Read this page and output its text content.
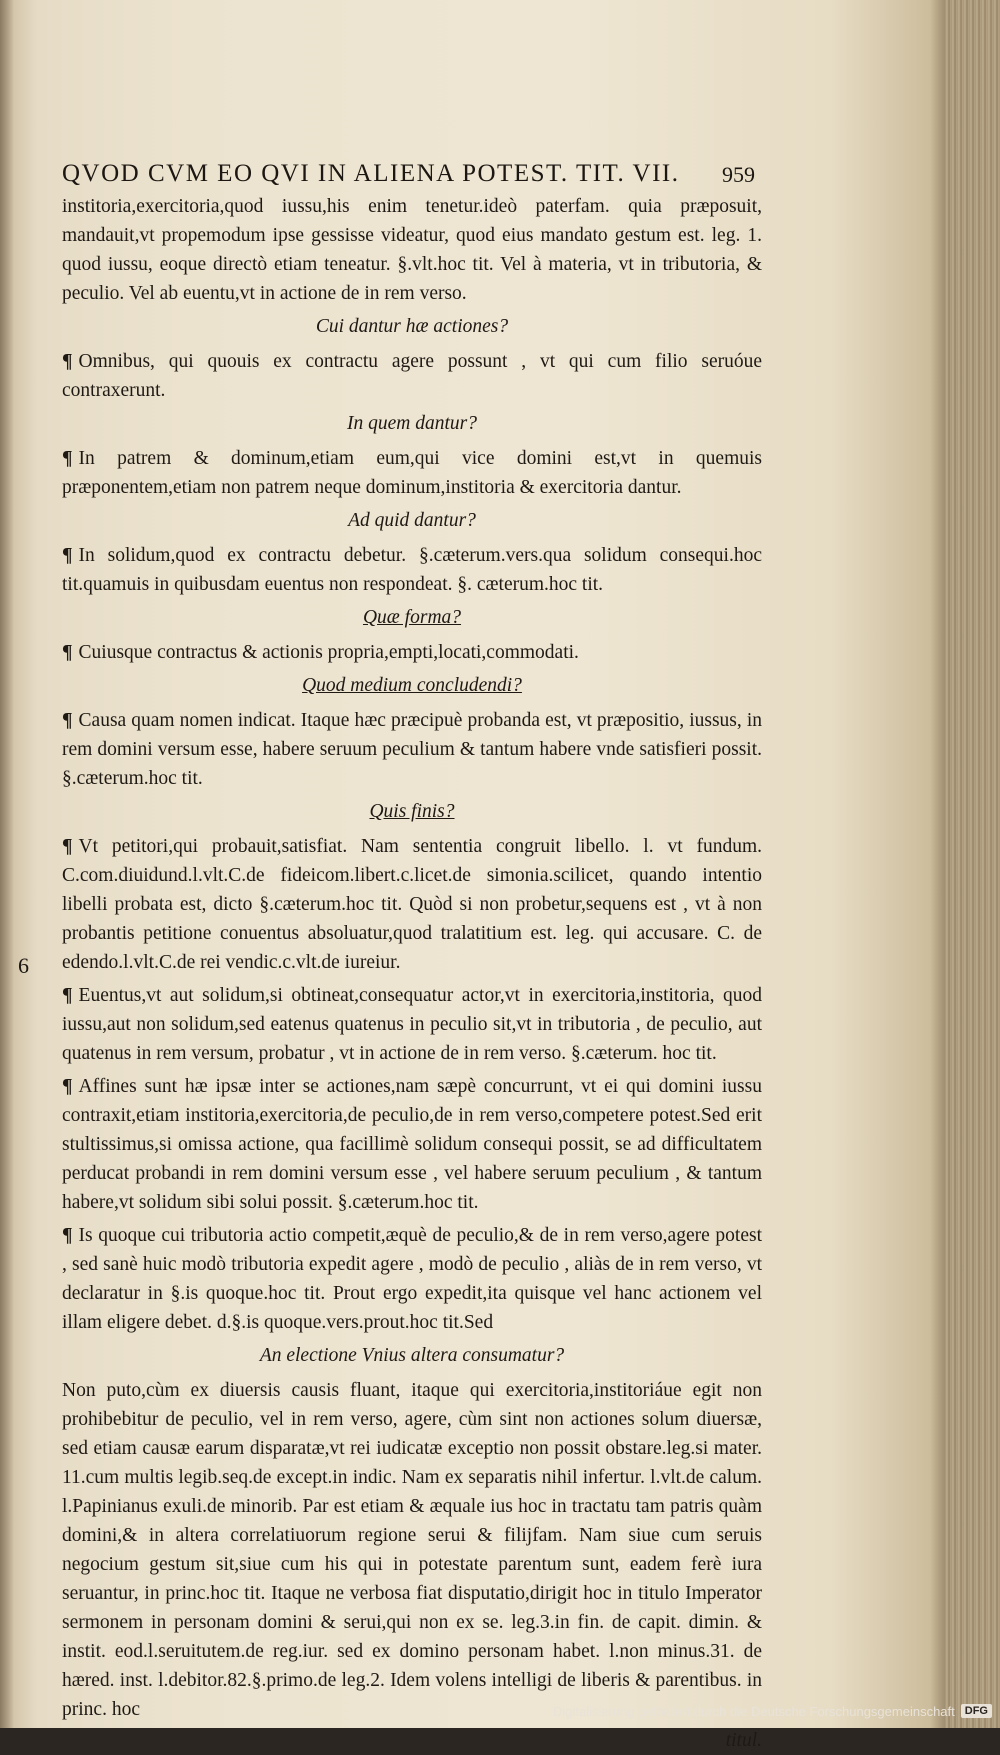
QVOD CVM EO QVI IN ALIENA POTEST. TIT. VII.	959
6

institoria,exercitoria,quod iussu,his enim tenetur.ideò paterfam. quia præposuit, mandauit,vt propemodum ipse gessisse videatur, quod eius mandato gestum est. leg. 1. quod iussu, eoque directò etiam teneatur. §.vlt.hoc tit. Vel à materia, vt in tributoria, & peculio. Vel ab euentu,vt in actione de in rem verso.

Cui dantur hæ actiones?

¶ Omnibus, qui quouis ex contractu agere possunt , vt qui cum filio seruóue contraxerunt.

In quem dantur?

¶ In patrem & dominum,etiam eum,qui vice domini est,vt in quemuis præponentem,etiam non patrem neque dominum,institoria & exercitoria dantur.

Ad quid dantur?

¶ In solidum,quod ex contractu debetur. §.cæterum.vers.qua solidum consequi.hoc tit.quamuis in quibusdam euentus non respondeat. §. cæterum.hoc tit.

Quæ forma?

¶ Cuiusque contractus & actionis propria,empti,locati,commodati.

Quod medium concludendi?

¶ Causa quam nomen indicat. Itaque hæc præcipuè probanda est, vt præpositio, iussus, in rem domini versum esse, habere seruum peculium & tantum habere vnde satisfieri possit. §.cæterum.hoc tit.

Quis finis?

¶ Vt petitori,qui probauit,satisfiat. Nam sententia congruit libello. l. vt fundum. C.com.diuidund.l.vlt.C.de fideicom.libert.c.licet.de simonia.scilicet, quando intentio libelli probata est, dicto §.cæterum.hoc tit. Quòd si non probetur,sequens est , vt à non probantis petitione conuentus absoluatur,quod tralatitium est. leg. qui accusare. C. de edendo.l.vlt.C.de rei vendic.c.vlt.de iureiur.

¶ Euentus,vt aut solidum,si obtineat,consequatur actor,vt in exercitoria,institoria, quod iussu,aut non solidum,sed eatenus quatenus in peculio sit,vt in tributoria , de peculio, aut quatenus in rem versum, probatur , vt in actione de in rem verso. §.cæterum. hoc tit.

¶ Affines sunt hæ ipsæ inter se actiones,nam sæpè concurrunt, vt ei qui domini iussu contraxit,etiam institoria,exercitoria,de peculio,de in rem verso,competere potest.Sed erit stultissimus,si omissa actione, qua facillimè solidum consequi possit, se ad difficultatem perducat probandi in rem domini versum esse , vel habere seruum peculium , & tantum habere,vt solidum sibi solui possit. §.cæterum.hoc tit.

¶ Is quoque cui tributoria actio competit,æquè de peculio,& de in rem verso,agere potest , sed sanè huic modò tributoria expedit agere , modò de peculio , aliàs de in rem verso, vt declaratur in §.is quoque.hoc tit. Prout ergo expedit,ita quisque vel hanc actionem vel illam eligere debet. d.§.is quoque.vers.prout.hoc tit.Sed

An electione Vnius altera consumatur?

Non puto,cùm ex diuersis causis fluant, itaque qui exercitoria,institoriáue egit non prohibebitur de peculio, vel in rem verso, agere, cùm sint non actiones solum diuersæ, sed etiam causæ earum disparatæ,vt rei iudicatæ exceptio non possit obstare.leg.si mater. 11.cum multis legib.seq.de except.in indic. Nam ex separatis nihil infertur. l.vlt.de calum. l.Papinianus exuli.de minorib. Par est etiam & æquale ius hoc in tractatu tam patris quàm domini,& in altera correlatiuorum regione serui & filijfam. Nam siue cum seruis negocium gestum sit,siue cum his qui in potestate parentum sunt, eadem ferè iura seruantur, in princ.hoc tit. Itaque ne verbosa fiat disputatio,dirigit hoc in titulo Imperator sermonem in personam domini & serui,qui non ex se. leg.3.in fin. de capit. dimin. & instit. eod.l.seruitutem.de reg.iur. sed ex domino personam habet. l.non minus.31. de hæred. inst. l.debitor.82.§.primo.de leg.2. Idem volens intelligi de liberis & parentibus. in princ. hoc

titul.
Digitalisierung gefördert durch die Deutsche Forschungsgemeinschaft DFG
